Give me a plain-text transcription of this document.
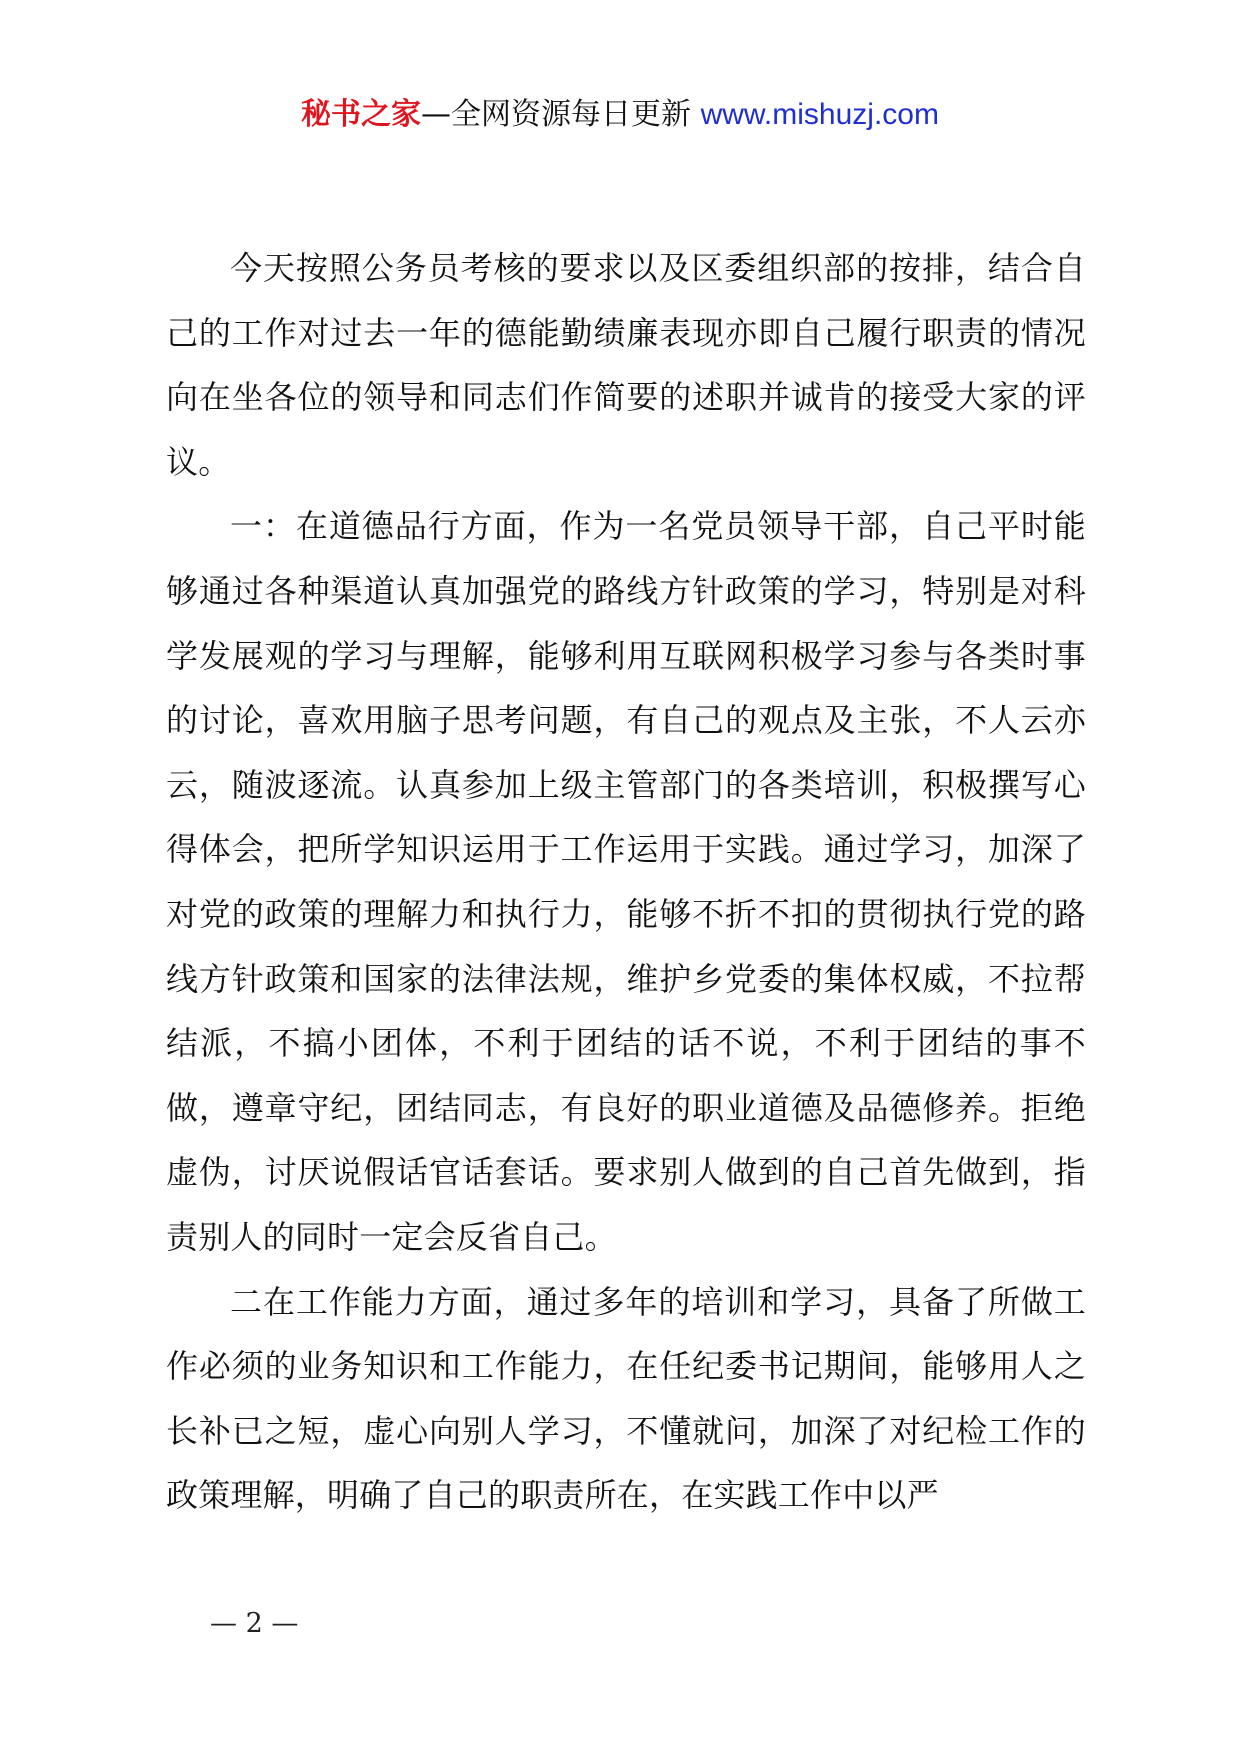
秘书之家—全网资源每日更新 www.mishuzj.com

今天按照公务员考核的要求以及区委组织部的按排，结合自己的工作对过去一年的德能勤绩廉表现亦即自己履行职责的情况向在坐各位的领导和同志们作简要的述职并诚肯的接受大家的评议。

一：在道德品行方面，作为一名党员领导干部，自己平时能够通过各种渠道认真加强党的路线方针政策的学习，特别是对科学发展观的学习与理解，能够利用互联网积极学习参与各类时事的讨论，喜欢用脑子思考问题，有自己的观点及主张，不人云亦云，随波逐流。认真参加上级主管部门的各类培训，积极撰写心得体会，把所学知识运用于工作运用于实践。通过学习，加深了对党的政策的理解力和执行力，能够不折不扣的贯彻执行党的路线方针政策和国家的法律法规，维护乡党委的集体权威，不拉帮结派，不搞小团体，不利于团结的话不说，不利于团结的事不做，遵章守纪，团结同志，有良好的职业道德及品德修养。拒绝虚伪，讨厌说假话官话套话。要求别人做到的自己首先做到，指责别人的同时一定会反省自己。

二在工作能力方面，通过多年的培训和学习，具备了所做工作必须的业务知识和工作能力，在任纪委书记期间，能够用人之长补已之短，虚心向别人学习，不懂就问，加深了对纪检工作的政策理解，明确了自己的职责所在，在实践工作中以严

— 2 —
